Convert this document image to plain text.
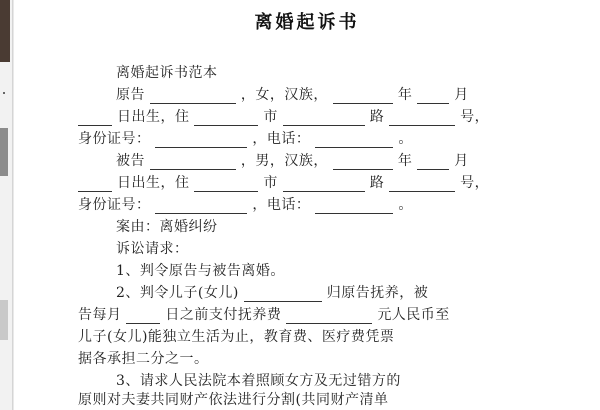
离婚起诉书
离婚起诉书范本
原告	，女，汉族，	年	月
日出生，住	市	路	号，
身份证号：	，电话：	。
被告	，男，汉族，	年	月
日出生，住	市	路	号，
身份证号：	，电话：	。
案由：离婚纠纷
诉讼请求：
1、判令原告与被告离婚。
2、判令儿子(女儿)	归原告抚养，被
告每月	日之前支付抚养费	元人民币至
儿子(女儿)能独立生活为止，教育费、医疗费凭票
据各承担二分之一。
3、请求人民法院本着照顾女方及无过错方的
原则对夫妻共同财产依法进行分割(共同财产清单
